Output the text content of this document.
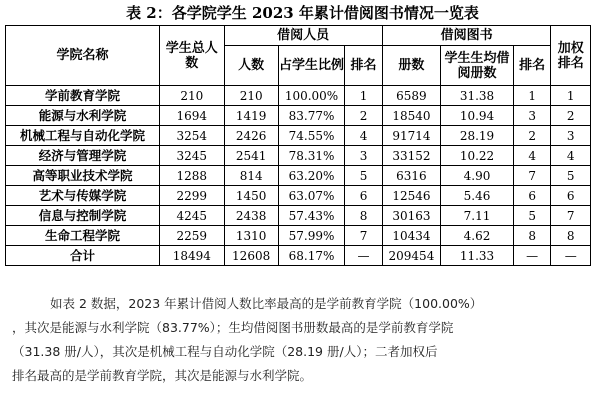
表 2：各学院学生 2023 年累计借阅图书情况一览表
学院名称	学生总人数	借阅人员			借阅图书			加权排名
		人数	占学生比例	排名	册数	学生生均借阅册数	排名	
学前教育学院	210	210	100.00%	1	6589	31.38	1	1
能源与水利学院	1694	1419	83.77%	2	18540	10.94	3	2
机械工程与自动化学院	3254	2426	74.55%	4	91714	28.19	2	3
经济与管理学院	3245	2541	78.31%	3	33152	10.22	4	4
高等职业技术学院	1288	814	63.20%	5	6316	4.90	7	5
艺术与传媒学院	2299	1450	63.07%	6	12546	5.46	6	6
信息与控制学院	4245	2438	57.43%	8	30163	7.11	5	7
生命工程学院	2259	1310	57.99%	7	10434	4.62	8	8
合计	18494	12608	68.17%	—	209454	11.33	—	—

如表 2 数据，2023 年累计借阅人数比率最高的是学前教育学院（100.00%）

，其次是能源与水利学院（83.77%）；生均借阅图书册数最高的是学前教育学院

（31.38 册/人），其次是机械工程与自动化学院（28.19 册/人）；二者加权后

排名最高的是学前教育学院，其次是能源与水利学院。
